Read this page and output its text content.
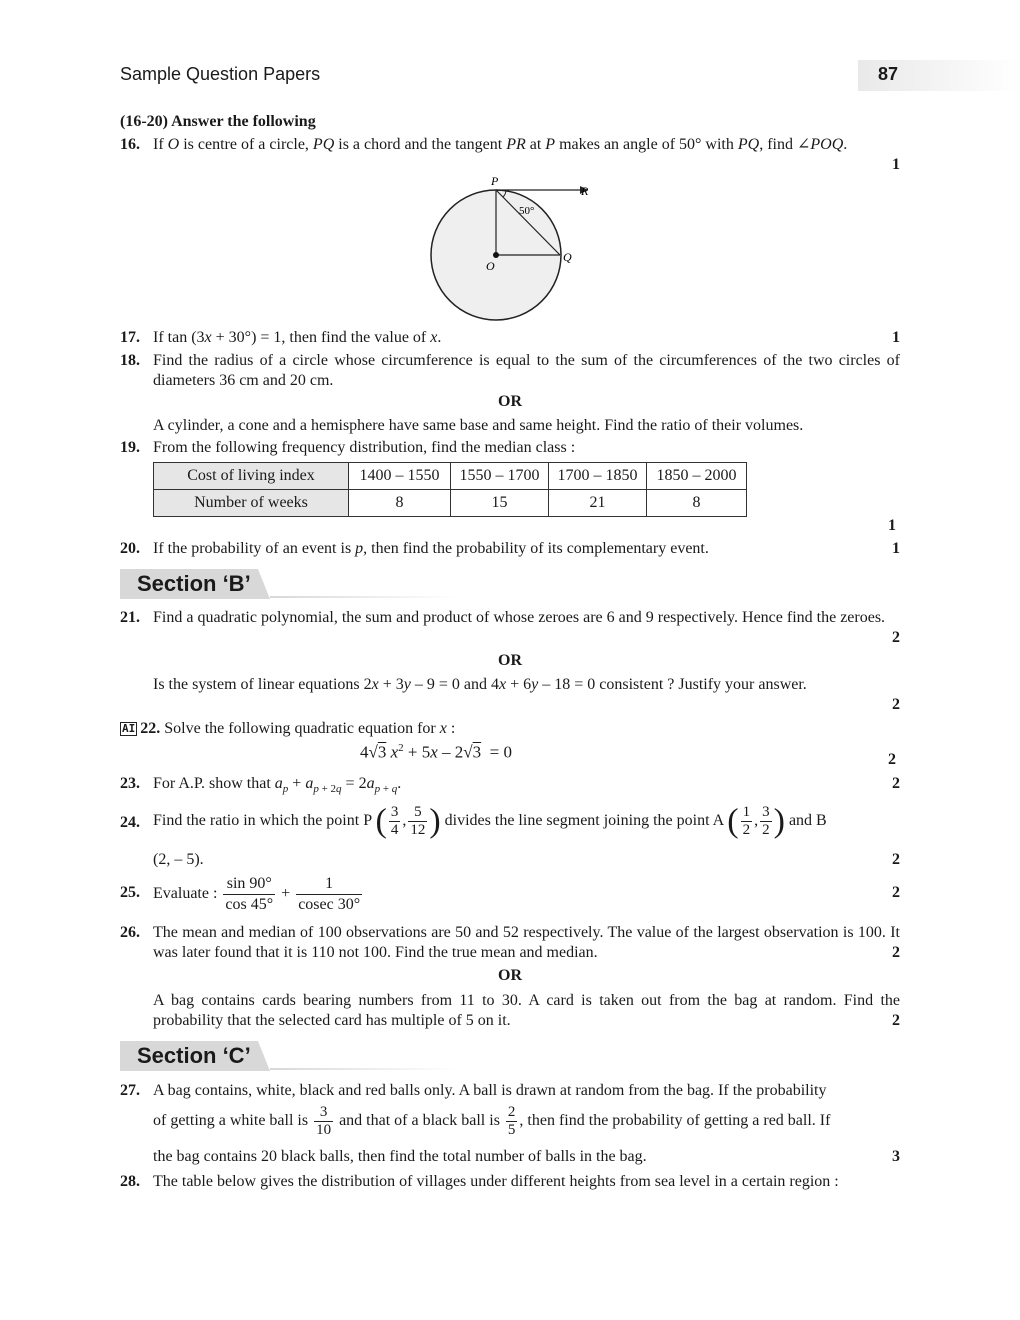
Sample Question Papers	87
(16-20) Answer the following
16. If O is centre of a circle, PQ is a chord and the tangent PR at P makes an angle of 50° with PQ, find ∠POQ.
1
P
R
Q
O
50°
17. If tan (3x + 30°) = 1, then find the value of x.	1
18. Find the radius of a circle whose circumference is equal to the sum of the circumferences of the two circles of diameters 36 cm and 20 cm.
OR
A cylinder, a cone and a hemisphere have same base and same height. Find the ratio of their volumes.
19. From the following frequency distribution, find the median class :
Cost of living index	1400 – 1550	1550 – 1700	1700 – 1850	1850 – 2000
Number of weeks	8	15	21	8
1
20. If the probability of an event is p, then find the probability of its complementary event.	1
Section ‘B’
21. Find a quadratic polynomial, the sum and product of whose zeroes are 6 and 9 respectively. Hence find the zeroes.
2
OR
Is the system of linear equations 2x + 3y – 9 = 0 and 4x + 6y – 18 = 0 consistent ? Justify your answer.
2
AI 22. Solve the following quadratic equation for x :
4√3 $x^2 + 5x - 2√3 = 0$	2
23. For A.P. show that $a_p + a_{p + 2q} = 2a_{p + q}$.	2
24. Find the ratio in which the point P ( $\frac{3}{4}$ , $\frac{5}{12}$ ) divides the line segment joining the point A ( $\frac{1}{2}$ , $\frac{3}{2}$ ) and B
(2, – 5).	2
25. Evaluate : $\frac{\sin 90^\circ}{\cos 45^\circ} + \frac{1}{cosec 30^\circ}$	2
26. The mean and median of 100 observations are 50 and 52 respectively. The value of the largest observation is 100. It was later found that it is 110 not 100. Find the true mean and median.	2
OR
A bag contains cards bearing numbers from 11 to 30. A card is taken out from the bag at random. Find the probability that the selected card has multiple of 5 on it.	2
Section ‘C’
27. A bag contains, white, black and red balls only. A ball is drawn at random from the bag. If the probability
of getting a white ball is $\frac{3}{10}$ and that of a black ball is $\frac{2}{5}$ , then find the probability of getting a red ball. If
the bag contains 20 black balls, then find the total number of balls in the bag.	3
28. The table below gives the distribution of villages under different heights from sea level in a certain region :
